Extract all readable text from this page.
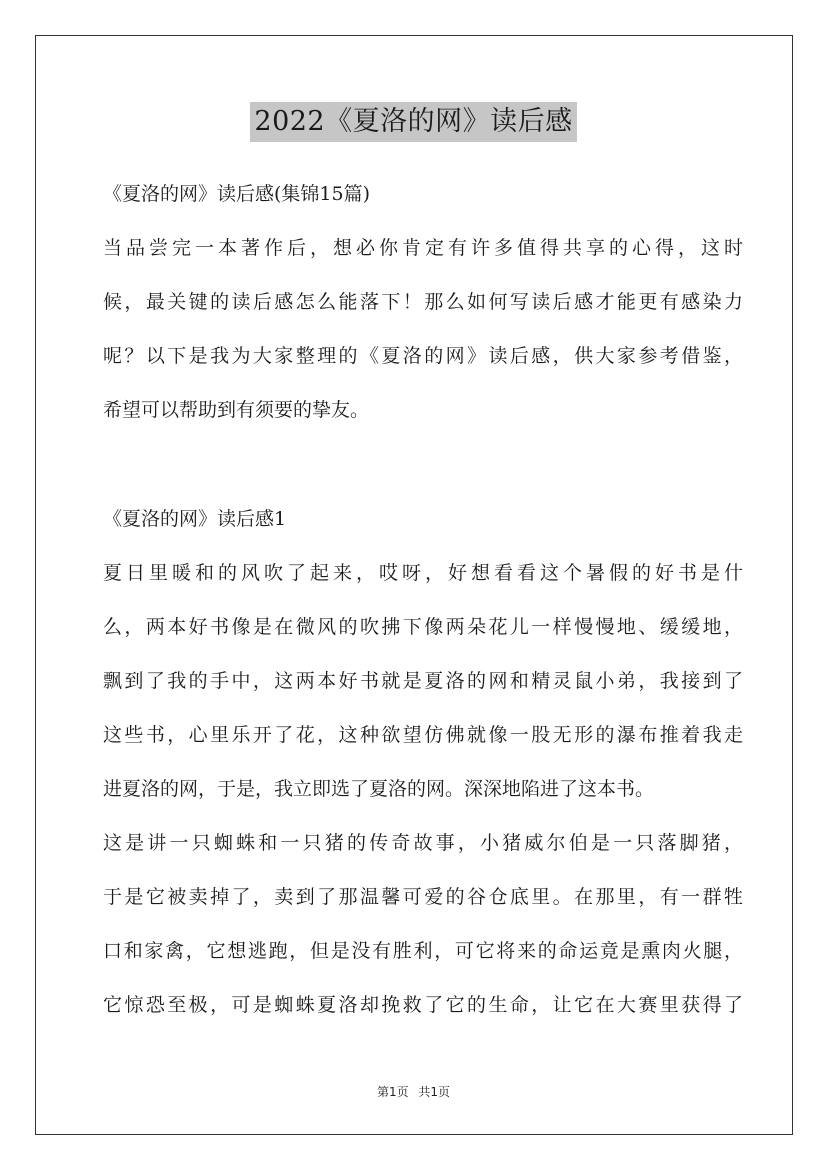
2022《夏洛的网》读后感
《夏洛的网》读后感(集锦15篇)
当品尝完一本著作后，想必你肯定有许多值得共享的心得，这时
候，最关键的读后感怎么能落下！那么如何写读后感才能更有感染力
呢？以下是我为大家整理的《夏洛的网》读后感，供大家参考借鉴，
希望可以帮助到有须要的挚友。
《夏洛的网》读后感1
夏日里暖和的风吹了起来，哎呀，好想看看这个暑假的好书是什
么，两本好书像是在微风的吹拂下像两朵花儿一样慢慢地、缓缓地，
飘到了我的手中，这两本好书就是夏洛的网和精灵鼠小弟，我接到了
这些书，心里乐开了花，这种欲望仿佛就像一股无形的瀑布推着我走
进夏洛的网，于是，我立即选了夏洛的网。深深地陷进了这本书。
这是讲一只蜘蛛和一只猪的传奇故事，小猪威尔伯是一只落脚猪，
于是它被卖掉了，卖到了那温馨可爱的谷仓底里。在那里，有一群牲
口和家禽，它想逃跑，但是没有胜利，可它将来的命运竟是熏肉火腿，
它惊恐至极，可是蜘蛛夏洛却挽救了它的生命，让它在大赛里获得了
第1页 共1页
